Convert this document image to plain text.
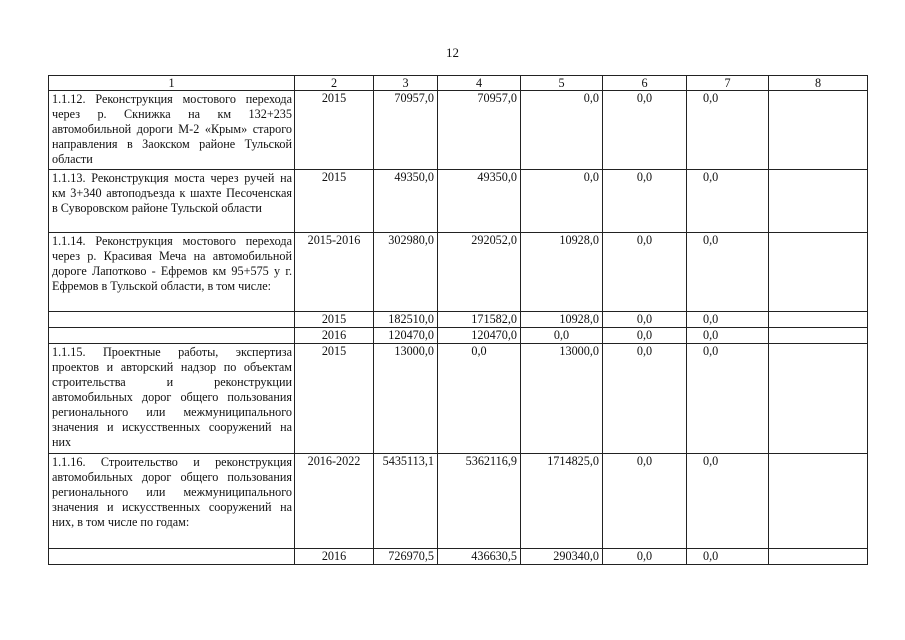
12
1	2	3	4	5	6	7	8
1.1.12. Реконструкция мостового перехода через р. Скнижка на км 132+235 автомобильной дороги М-2 «Крым» старого направления в Заокском районе Тульской области	2015	70957,0	70957,0	0,0	0,0	0,0	
1.1.13. Реконструкция моста через ручей на км 3+340 автоподъезда к шахте Песоченская в Суворовском районе Тульской области	2015	49350,0	49350,0	0,0	0,0	0,0	
1.1.14. Реконструкция мостового перехода через р. Красивая Меча на автомобильной дороге Лапотково - Ефремов км 95+575 у г. Ефремов в Тульской области, в том числе:	2015-2016	302980,0	292052,0	10928,0	0,0	0,0	
	2015	182510,0	171582,0	10928,0	0,0	0,0	
	2016	120470,0	120470,0	0,0	0,0	0,0	
1.1.15. Проектные работы, экспертиза проектов и авторский надзор по объектам строительства и реконструкции автомобильных дорог общего пользования регионального или межмуниципального значения и искусственных сооружений на них	2015	13000,0	0,0	13000,0	0,0	0,0	
1.1.16. Строительство и реконструкция автомобильных дорог общего пользования регионального или межмуниципального значения и искусственных сооружений на них, в том числе по годам:	2016-2022	5435113,1	5362116,9	1714825,0	0,0	0,0	
	2016	726970,5	436630,5	290340,0	0,0	0,0	
